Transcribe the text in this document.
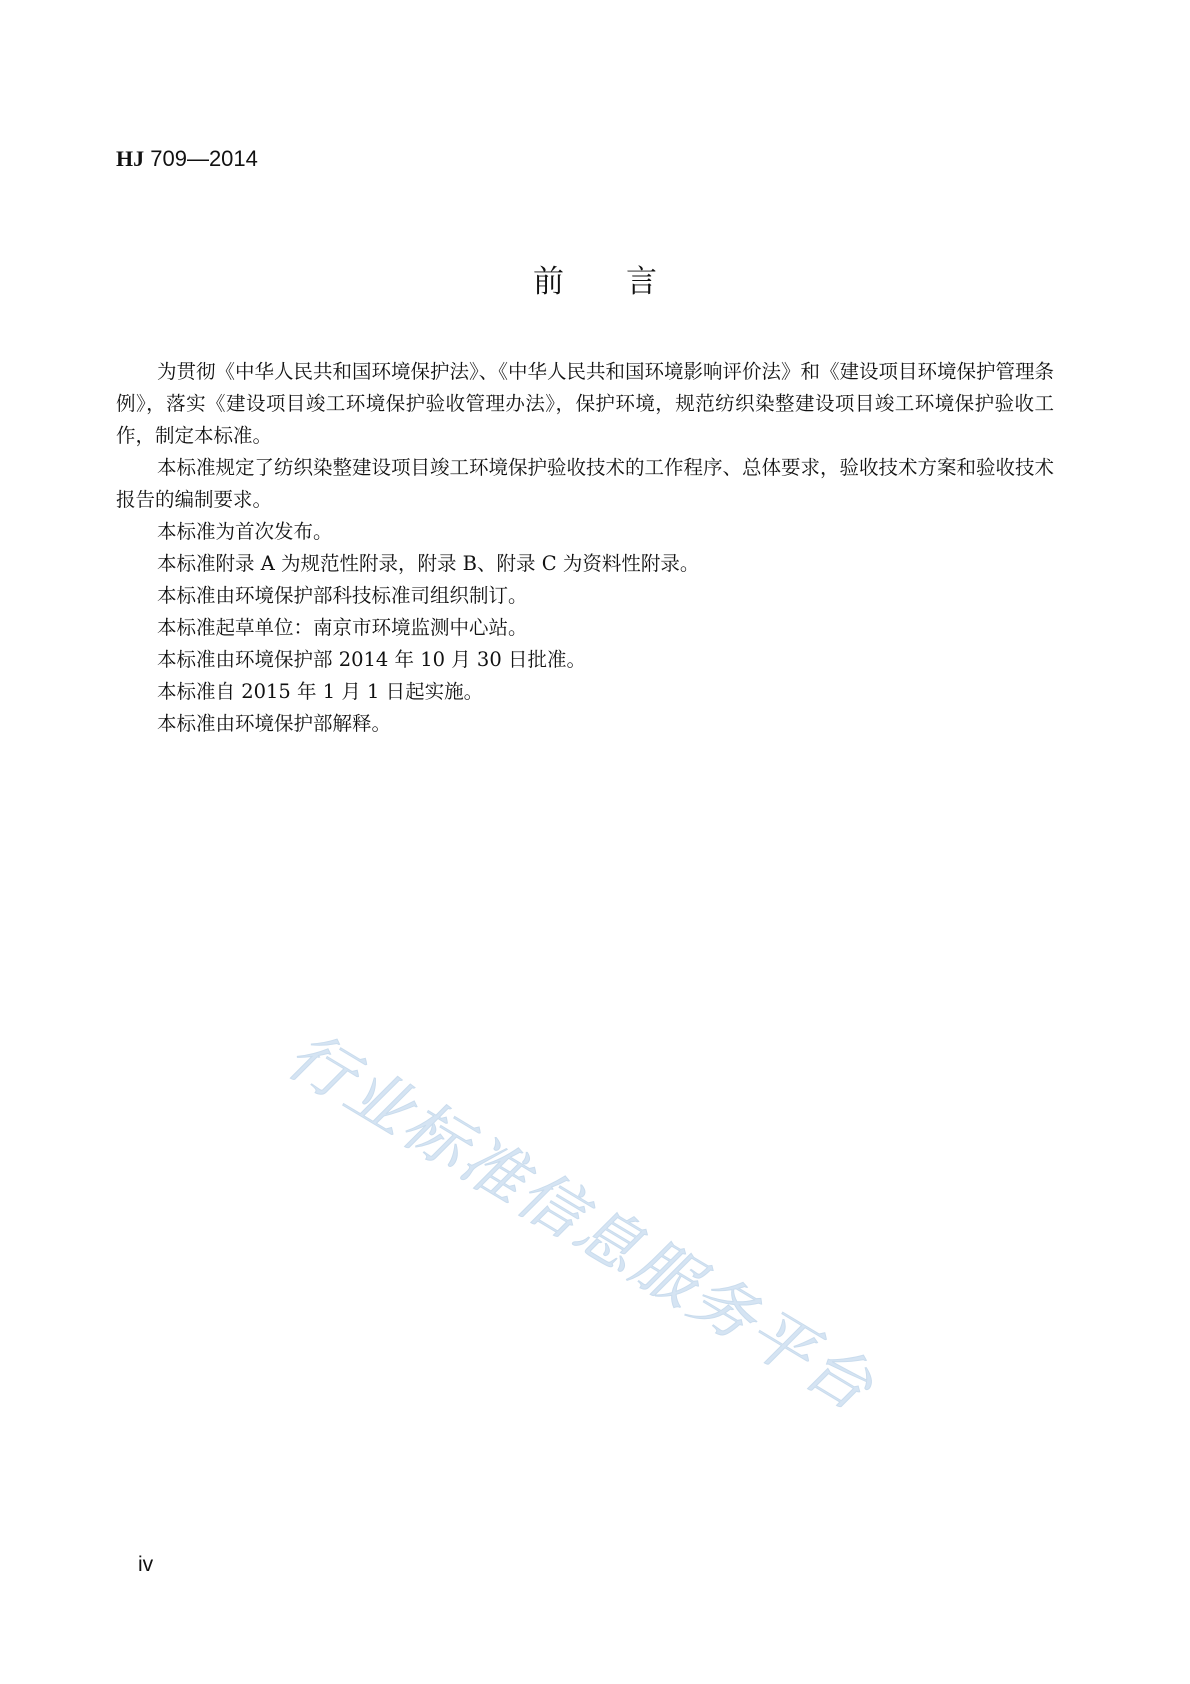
HJ 709—2014
前言

为贯彻《中华人民共和国环境保护法》、《中华人民共和国环境影响评价法》和《建设项目环境保护管理条例》，落实《建设项目竣工环境保护验收管理办法》，保护环境，规范纺织染整建设项目竣工环境保护验收工作，制定本标准。

本标准规定了纺织染整建设项目竣工环境保护验收技术的工作程序、总体要求，验收技术方案和验收技术报告的编制要求。

本标准为首次发布。

本标准附录 A 为规范性附录，附录 B、附录 C 为资料性附录。

本标准由环境保护部科技标准司组织制订。

本标准起草单位：南京市环境监测中心站。

本标准由环境保护部 2014 年 10 月 30 日批准。

本标准自 2015 年 1 月 1 日起实施。

本标准由环境保护部解释。

行业标准信息服务平台
iv
